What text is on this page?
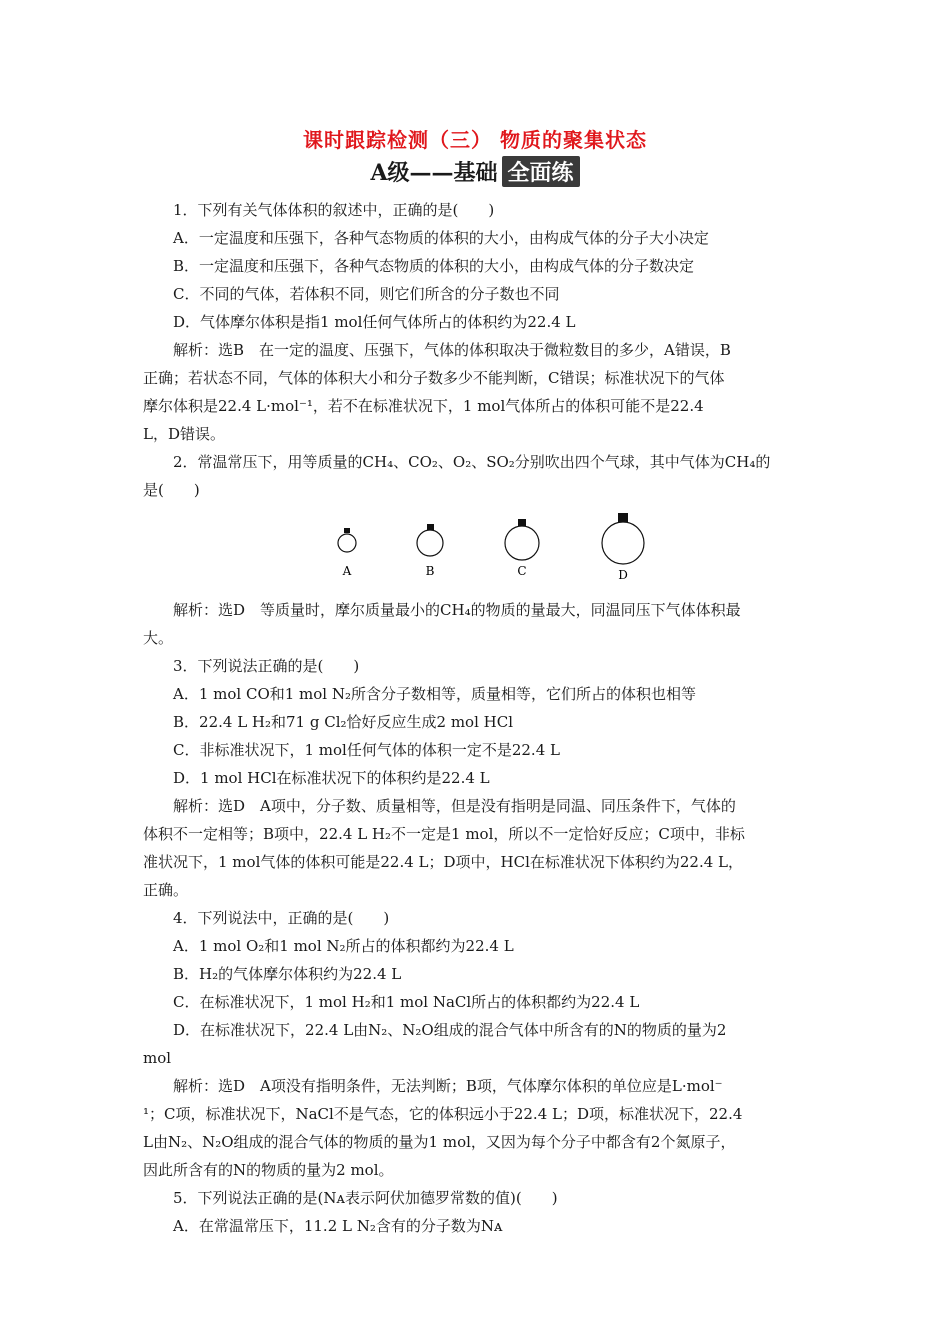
课时跟踪检测（三） 物质的聚集状态
A级——基础 全面练
1．下列有关气体体积的叙述中，正确的是(　　)
A．一定温度和压强下，各种气态物质的体积的大小，由构成气体的分子大小决定
B．一定温度和压强下，各种气态物质的体积的大小，由构成气体的分子数决定
C．不同的气体，若体积不同，则它们所含的分子数也不同
D．气体摩尔体积是指1 mol任何气体所占的体积约为22.4 L
解析：选B　在一定的温度、压强下，气体的体积取决于微粒数目的多少，A错误，B
正确；若状态不同，气体的体积大小和分子数多少不能判断，C错误；标准状况下的气体
摩尔体积是22.4 L·mol⁻¹，若不在标准状况下，1 mol气体所占的体积可能不是22.4
L，D错误。
2．常温常压下，用等质量的CH₄、CO₂、O₂、SO₂分别吹出四个气球，其中气体为CH₄的
是(　　)
A	B	C	D
解析：选D　等质量时，摩尔质量最小的CH₄的物质的量最大，同温同压下气体体积最
大。
3．下列说法正确的是(　　)
A．1 mol CO和1 mol N₂所含分子数相等，质量相等，它们所占的体积也相等
B．22.4 L H₂和71 g Cl₂恰好反应生成2 mol HCl
C．非标准状况下，1 mol任何气体的体积一定不是22.4 L
D．1 mol HCl在标准状况下的体积约是22.4 L
解析：选D　A项中，分子数、质量相等，但是没有指明是同温、同压条件下，气体的
体积不一定相等；B项中，22.4 L H₂不一定是1 mol，所以不一定恰好反应；C项中，非标
准状况下，1 mol气体的体积可能是22.4 L；D项中，HCl在标准状况下体积约为22.4 L，
正确。
4．下列说法中，正确的是(　　)
A．1 mol O₂和1 mol N₂所占的体积都约为22.4 L
B．H₂的气体摩尔体积约为22.4 L
C．在标准状况下，1 mol H₂和1 mol NaCl所占的体积都约为22.4 L
D．在标准状况下，22.4 L由N₂、N₂O组成的混合气体中所含有的N的物质的量为2
mol
解析：选D　A项没有指明条件，无法判断；B项，气体摩尔体积的单位应是L·mol⁻
¹；C项，标准状况下，NaCl不是气态，它的体积远小于22.4 L；D项，标准状况下，22.4
L由N₂、N₂O组成的混合气体的物质的量为1 mol，又因为每个分子中都含有2个氮原子，
因此所含有的N的物质的量为2 mol。
5．下列说法正确的是(Nᴀ表示阿伏加德罗常数的值)(　　)
A．在常温常压下，11.2 L N₂含有的分子数为Nᴀ
